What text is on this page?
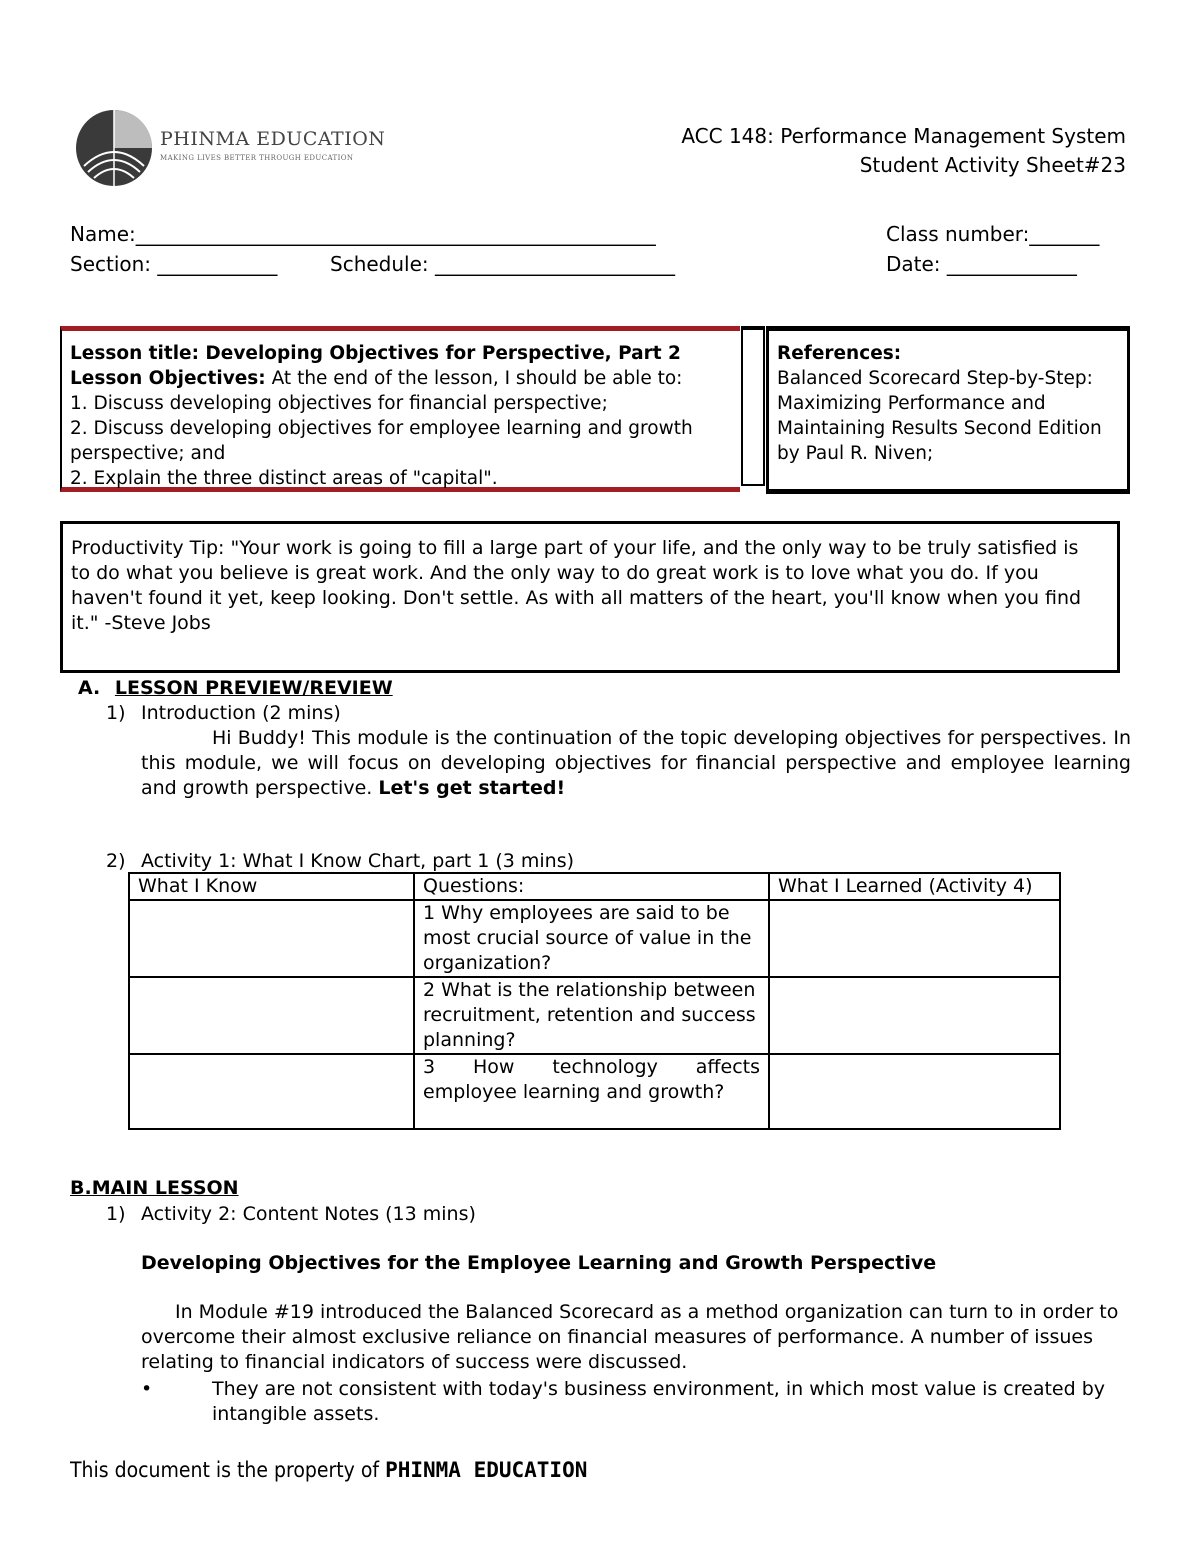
PHINMA EDUCATION
MAKING LIVES BETTER THROUGH EDUCATION
ACC 148: Performance Management System
Student Activity Sheet#23
Name:____________________________________________________	Class number:_______
Section: ____________	Schedule: ________________________	Date: _____________
Lesson title: Developing Objectives for Perspective, Part 2
Lesson Objectives: At the end of the lesson, I should be able to:
1. Discuss developing objectives for financial perspective;
2. Discuss developing objectives for employee learning and growth perspective; and
2. Explain the three distinct areas of "capital".
References:
Balanced Scorecard Step-by-Step: Maximizing Performance and Maintaining Results Second Edition by Paul R. Niven;
Productivity Tip: "Your work is going to fill a large part of your life, and the only way to be truly satisfied is to do what you believe is great work. And the only way to do great work is to love what you do. If you haven't found it yet, keep looking. Don't settle. As with all matters of the heart, you'll know when you find it." -Steve Jobs
A. LESSON PREVIEW/REVIEW
1) Introduction (2 mins)
Hi Buddy! This module is the continuation of the topic developing objectives for perspectives. In this module, we will focus on developing objectives for financial perspective and employee learning and growth perspective. Let's get started!
2) Activity 1: What I Know Chart, part 1 (3 mins)
What I Know	Questions:	What I Learned (Activity 4)
	1 Why employees are said to be most crucial source of value in the organization?	
	2 What is the relationship between recruitment, retention and success planning?	
	3 How technology affects employee learning and growth?	
B.MAIN LESSON
1) Activity 2: Content Notes (13 mins)
Developing Objectives for the Employee Learning and Growth Perspective
In Module #19 introduced the Balanced Scorecard as a method organization can turn to in order to overcome their almost exclusive reliance on financial measures of performance. A number of issues relating to financial indicators of success were discussed.
•	They are not consistent with today's business environment, in which most value is created by intangible assets.
This document is the property of PHINMA EDUCATION
